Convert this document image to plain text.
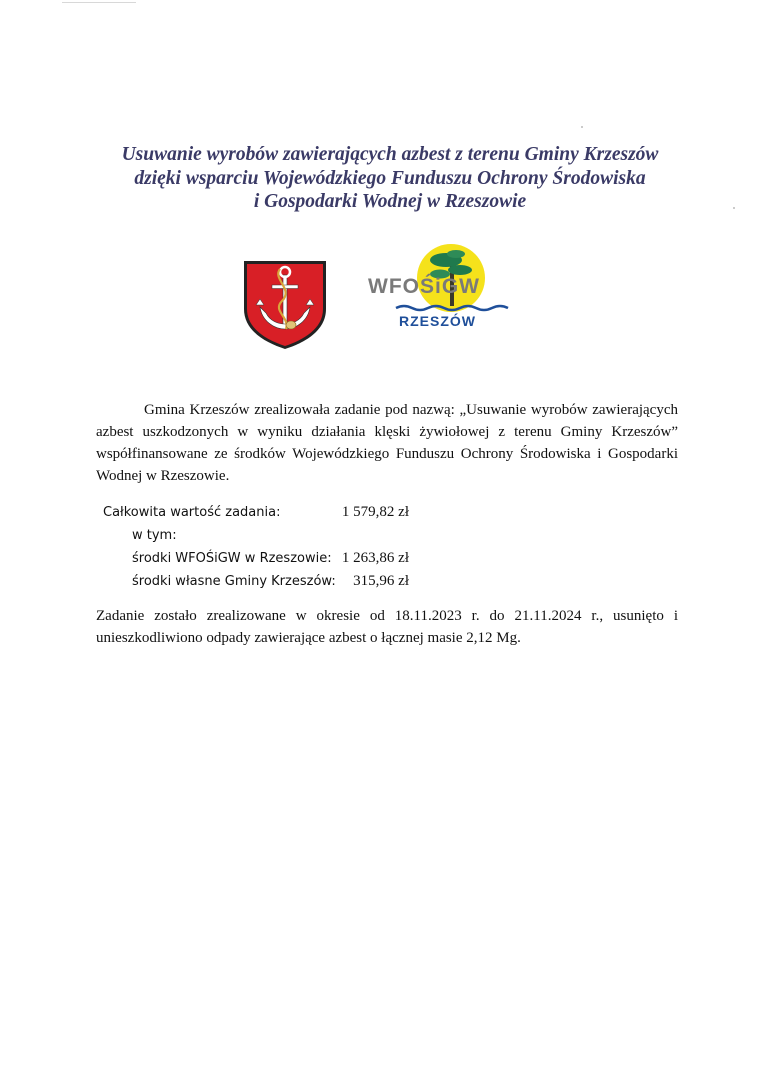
Usuwanie wyrobów zawierających azbest z terenu Gminy Krzeszów
dzięki wsparciu Wojewódzkiego Funduszu Ochrony Środowiska
i Gospodarki Wodnej w Rzeszowie
WFOŚiGW
RZESZÓW

Gmina Krzeszów zrealizowała zadanie pod nazwą: „Usuwanie wyrobów zawierających azbest uszkodzonych w wyniku działania klęski żywiołowej z terenu Gminy Krzeszów” współfinansowane ze środków Wojewódzkiego Funduszu Ochrony Środowiska i Gospodarki Wodnej w Rzeszowie.

Całkowita wartość zadania:	1 579,82 zł
w tym:
środki WFOŚiGW w Rzeszowie: 1 263,86 zł
środki własne Gminy Krzeszów: 315,96 zł

Zadanie zostało zrealizowane w okresie od 18.11.2023 r. do 21.11.2024 r., usunięto i unieszkodliwiono odpady zawierające azbest o łącznej masie 2,12 Mg.
